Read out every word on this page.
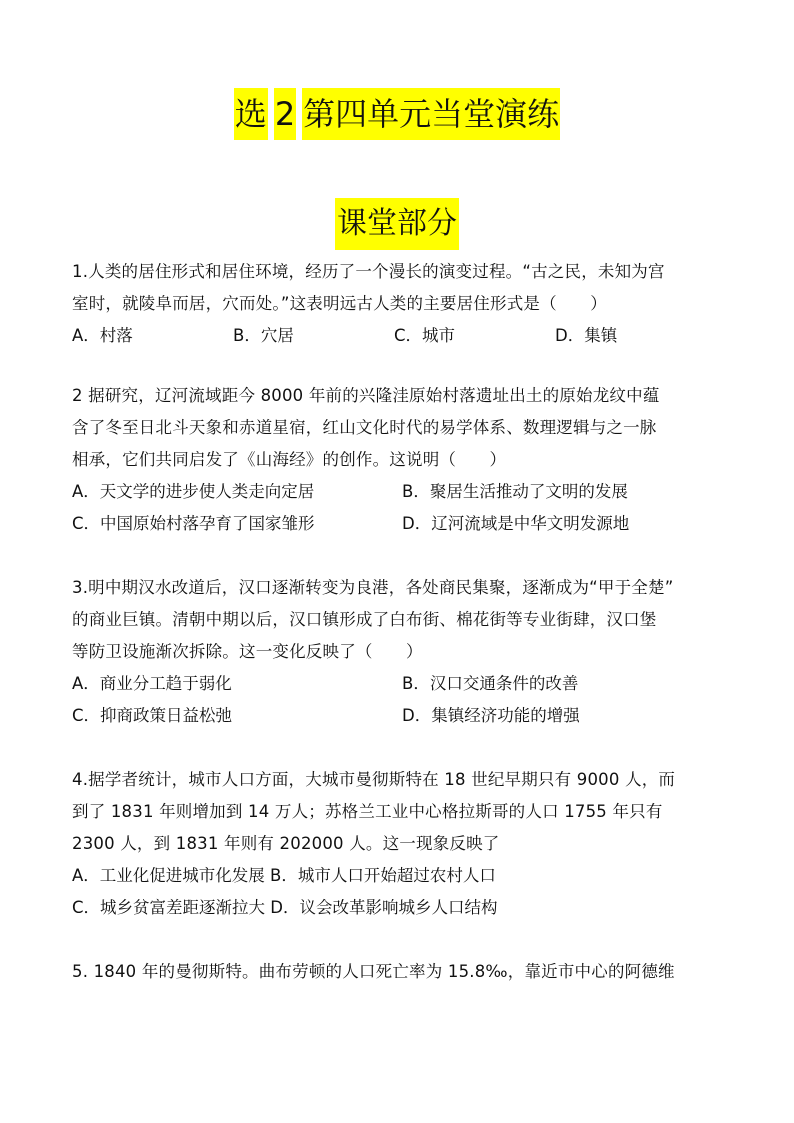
选 2 第四单元当堂演练
课堂部分

1.人类的居住形式和居住环境，经历了一个漫长的演变过程。“古之民，未知为宫

室时，就陵阜而居，穴而处。”这表明远古人类的主要居住形式是（　　）

A．村落	B．穴居	C．城市	D．集镇

2 据研究，辽河流域距今 8000 年前的兴隆洼原始村落遗址出土的原始龙纹中蕴

含了冬至日北斗天象和赤道星宿，红山文化时代的易学体系、数理逻辑与之一脉

相承，它们共同启发了《山海经》的创作。这说明（　　）

A．天文学的进步使人类走向定居	B．聚居生活推动了文明的发展
C．中国原始村落孕育了国家雏形	D．辽河流域是中华文明发源地

3.明中期汉水改道后，汉口逐渐转变为良港，各处商民集聚，逐渐成为“甲于全楚”

的商业巨镇。清朝中期以后，汉口镇形成了白布街、棉花街等专业街肆，汉口堡

等防卫设施渐次拆除。这一变化反映了（　　）

A．商业分工趋于弱化	B．汉口交通条件的改善
C．抑商政策日益松弛	D．集镇经济功能的增强

4.据学者统计，城市人口方面，大城市曼彻斯特在 18 世纪早期只有 9000 人，而

到了 1831 年则增加到 14 万人；苏格兰工业中心格拉斯哥的人口 1755 年只有

2300 人，到 1831 年则有 202000 人。这一现象反映了

A．工业化促进城市化发展 B．城市人口开始超过农村人口
C．城乡贫富差距逐渐拉大 D．议会改革影响城乡人口结构

5. 1840 年的曼彻斯特。曲布劳顿的人口死亡率为 15.8‰，靠近市中心的阿德维
